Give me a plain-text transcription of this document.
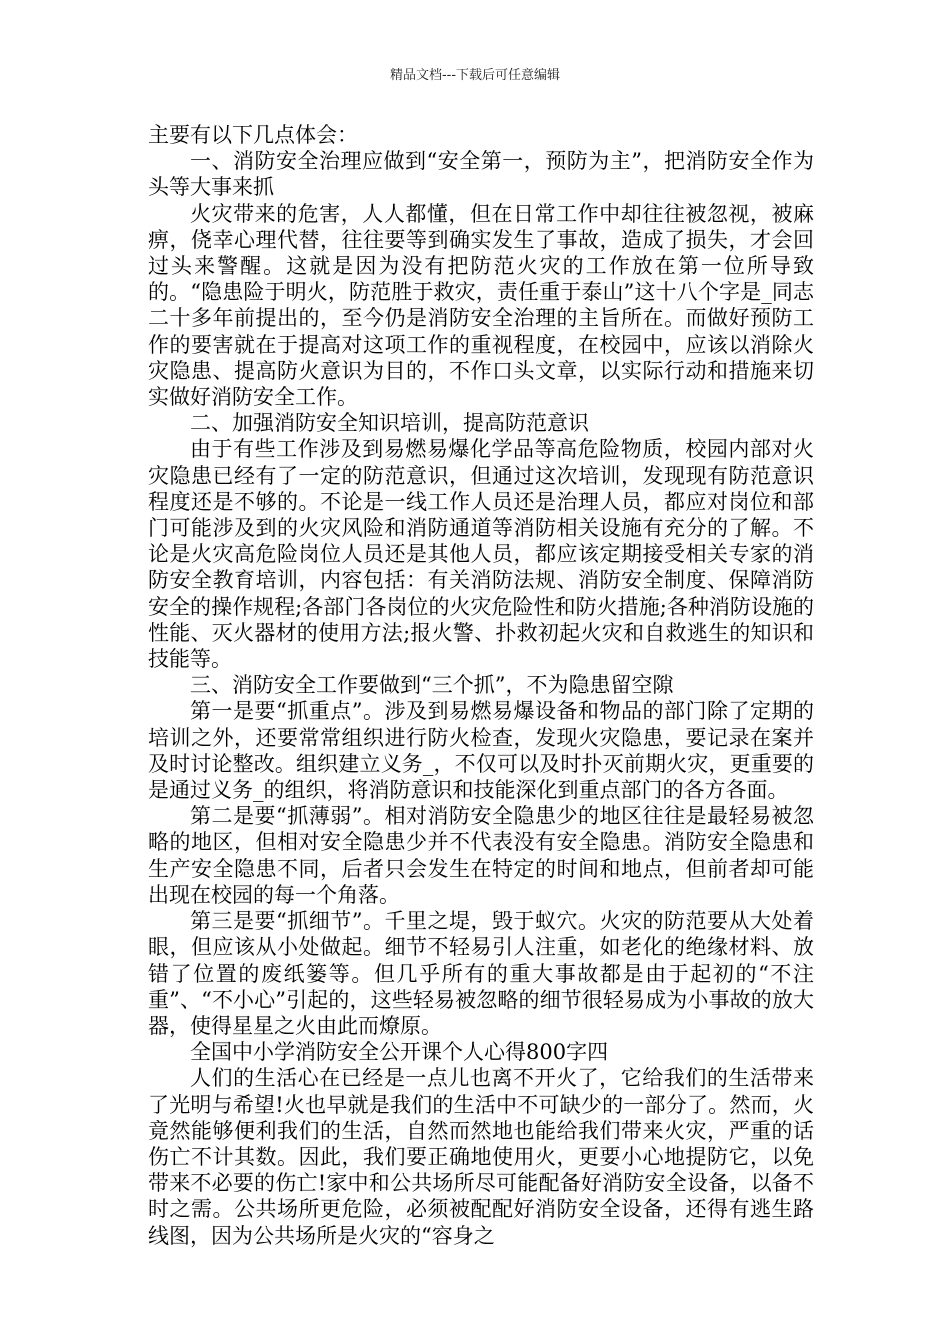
精品文档---下载后可任意编辑

主要有以下几点体会：

一、消防安全治理应做到“安全第一，预防为主”，把消防安全作为头等大事来抓

火灾带来的危害，人人都懂，但在日常工作中却往往被忽视，被麻痹，侥幸心理代替，往往要等到确实发生了事故，造成了损失，才会回过头来警醒。这就是因为没有把防范火灾的工作放在第一位所导致的。“隐患险于明火，防范胜于救灾，责任重于泰山”这十八个字是_同志二十多年前提出的，至今仍是消防安全治理的主旨所在。而做好预防工作的要害就在于提高对这项工作的重视程度，在校园中，应该以消除火灾隐患、提高防火意识为目的，不作口头文章，以实际行动和措施来切实做好消防安全工作。

二、加强消防安全知识培训，提高防范意识

由于有些工作涉及到易燃易爆化学品等高危险物质，校园内部对火灾隐患已经有了一定的防范意识，但通过这次培训，发现现有防范意识程度还是不够的。不论是一线工作人员还是治理人员，都应对岗位和部门可能涉及到的火灾风险和消防通道等消防相关设施有充分的了解。不论是火灾高危险岗位人员还是其他人员，都应该定期接受相关专家的消防安全教育培训，内容包括：有关消防法规、消防安全制度、保障消防安全的操作规程;各部门各岗位的火灾危险性和防火措施;各种消防设施的性能、灭火器材的使用方法;报火警、扑救初起火灾和自救逃生的知识和技能等。

三、消防安全工作要做到“三个抓”，不为隐患留空隙

第一是要“抓重点”。涉及到易燃易爆设备和物品的部门除了定期的培训之外，还要常常组织进行防火检查，发现火灾隐患，要记录在案并及时讨论整改。组织建立义务_，不仅可以及时扑灭前期火灾，更重要的是通过义务_的组织，将消防意识和技能深化到重点部门的各方各面。

第二是要“抓薄弱”。相对消防安全隐患少的地区往往是最轻易被忽略的地区，但相对安全隐患少并不代表没有安全隐患。消防安全隐患和生产安全隐患不同，后者只会发生在特定的时间和地点，但前者却可能出现在校园的每一个角落。

第三是要“抓细节”。千里之堤，毁于蚁穴。火灾的防范要从大处着眼，但应该从小处做起。细节不轻易引人注重，如老化的绝缘材料、放错了位置的废纸篓等。但几乎所有的重大事故都是由于起初的“不注重”、“不小心”引起的，这些轻易被忽略的细节很轻易成为小事故的放大器，使得星星之火由此而燎原。

全国中小学消防安全公开课个人心得800字四

人们的生活心在已经是一点儿也离不开火了，它给我们的生活带来了光明与希望!火也早就是我们的生活中不可缺少的一部分了。然而，火竟然能够便利我们的生活，自然而然地也能给我们带来火灾，严重的话伤亡不计其数。因此，我们要正确地使用火，更要小心地提防它，以免带来不必要的伤亡!家中和公共场所尽可能配备好消防安全设备，以备不时之需。公共场所更危险，必须被配配好消防安全设备，还得有逃生路线图，因为公共场所是火灾的“容身之
